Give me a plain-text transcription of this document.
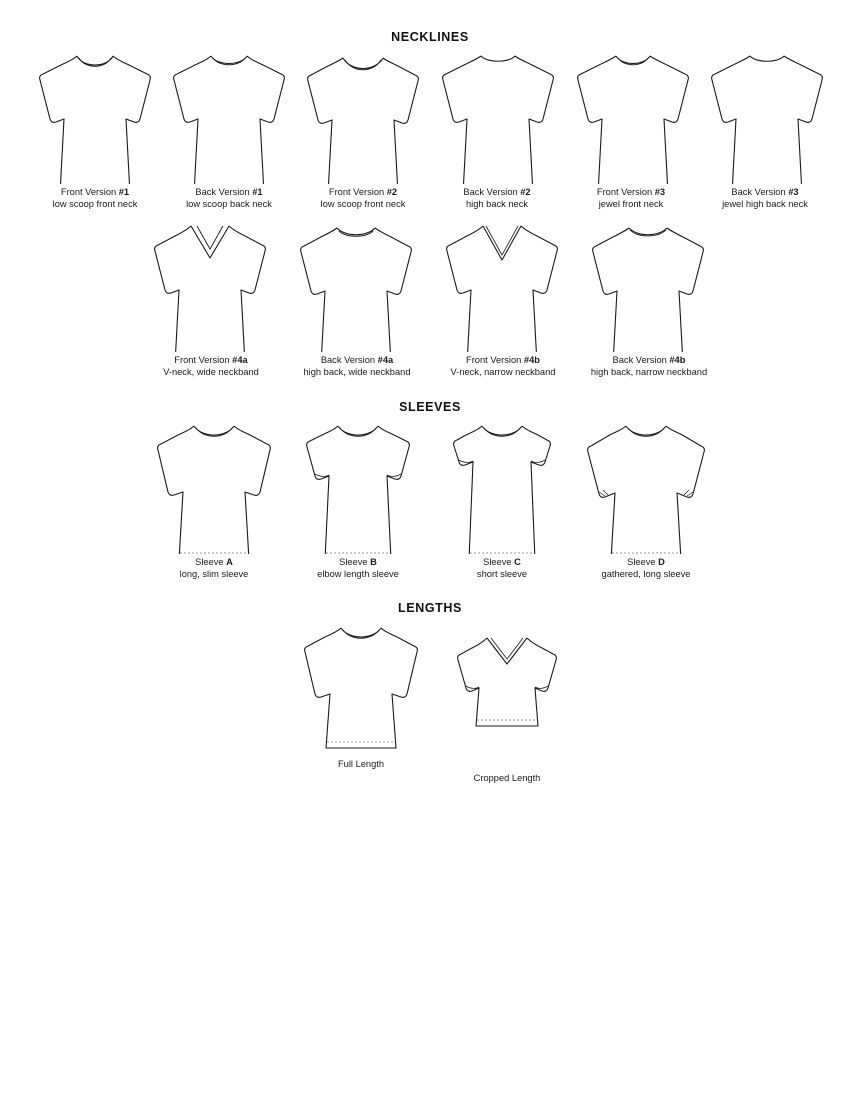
NECKLINES
Front Version #1
low scoop front neck
Back Version #1
low scoop back neck
Front Version #2
low scoop front neck
Back Version #2
high back neck
Front Version #3
jewel front neck
Back Version #3
jewel high back neck
Front Version #4a
V-neck, wide neckband
Back Version #4a
high back, wide neckband
Front Version #4b
V-neck, narrow neckband
Back Version #4b
high back, narrow neckband
SLEEVES
Sleeve A
long, slim sleeve
Sleeve B
elbow length sleeve
Sleeve C
short sleeve
Sleeve D
gathered, long sleeve
LENGTHS
Full Length
Cropped Length
